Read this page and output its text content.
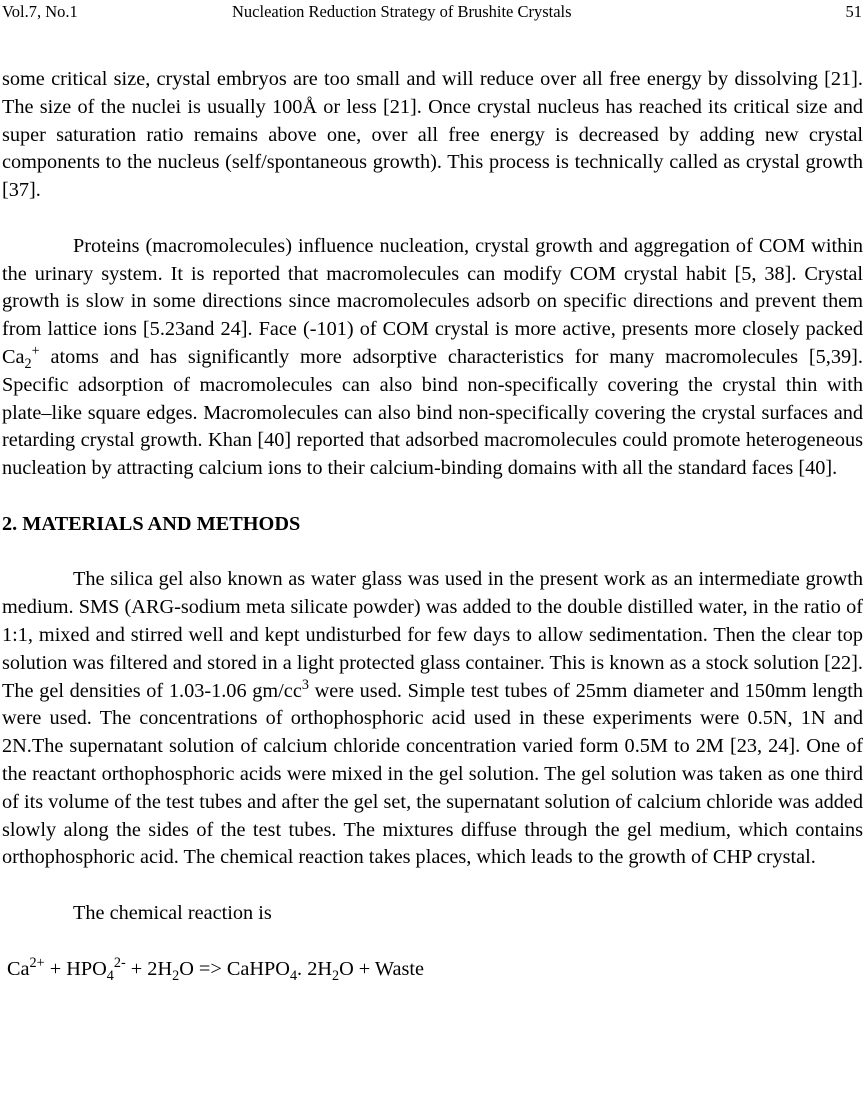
Vol.7, No.1	Nucleation Reduction Strategy of Brushite Crystals	51

some critical size, crystal embryos are too small and will reduce over all free energy by dissolving [21]. The size of the nuclei is usually 100Å or less [21]. Once crystal nucleus has reached its critical size and super saturation ratio remains above one, over all free energy is decreased by adding new crystal components to the nucleus (self/spontaneous growth). This process is technically called as crystal growth [37].

Proteins (macromolecules) influence nucleation, crystal growth and aggregation of COM within the urinary system. It is reported that macromolecules can modify COM crystal habit [5, 38]. Crystal growth is slow in some directions since macromolecules adsorb on specific directions and prevent them from lattice ions [5.23and 24]. Face (-101) of COM crystal is more active, presents more closely packed $Ca_2^+$ atoms and has significantly more adsorptive characteristics for many macromolecules [5,39]. Specific adsorption of macromolecules can also bind non-specifically covering the crystal thin with plate–like square edges. Macromolecules can also bind non-specifically covering the crystal surfaces and retarding crystal growth. Khan [40] reported that adsorbed macromolecules could promote heterogeneous nucleation by attracting calcium ions to their calcium-binding domains with all the standard faces [40].

2. MATERIALS AND METHODS

The silica gel also known as water glass was used in the present work as an intermediate growth medium. SMS (ARG-sodium meta silicate powder) was added to the double distilled water, in the ratio of 1:1, mixed and stirred well and kept undisturbed for few days to allow sedimentation. Then the clear top solution was filtered and stored in a light protected glass container. This is known as a stock solution [22]. The gel densities of 1.03-1.06 $gm/cc^3$ were used. Simple test tubes of 25mm diameter and 150mm length were used. The concentrations of orthophosphoric acid used in these experiments were 0.5N, 1N and 2N.The supernatant solution of calcium chloride concentration varied form 0.5M to 2M [23, 24]. One of the reactant orthophosphoric acids were mixed in the gel solution. The gel solution was taken as one third of its volume of the test tubes and after the gel set, the supernatant solution of calcium chloride was added slowly along the sides of the test tubes. The mixtures diffuse through the gel medium, which contains orthophosphoric acid. The chemical reaction takes places, which leads to the growth of CHP crystal.

The chemical reaction is

$Ca^{2+} + HPO_4^{2-} + 2H_2O$ => CaHPO$_4$. $2H_2O$ + Waste
